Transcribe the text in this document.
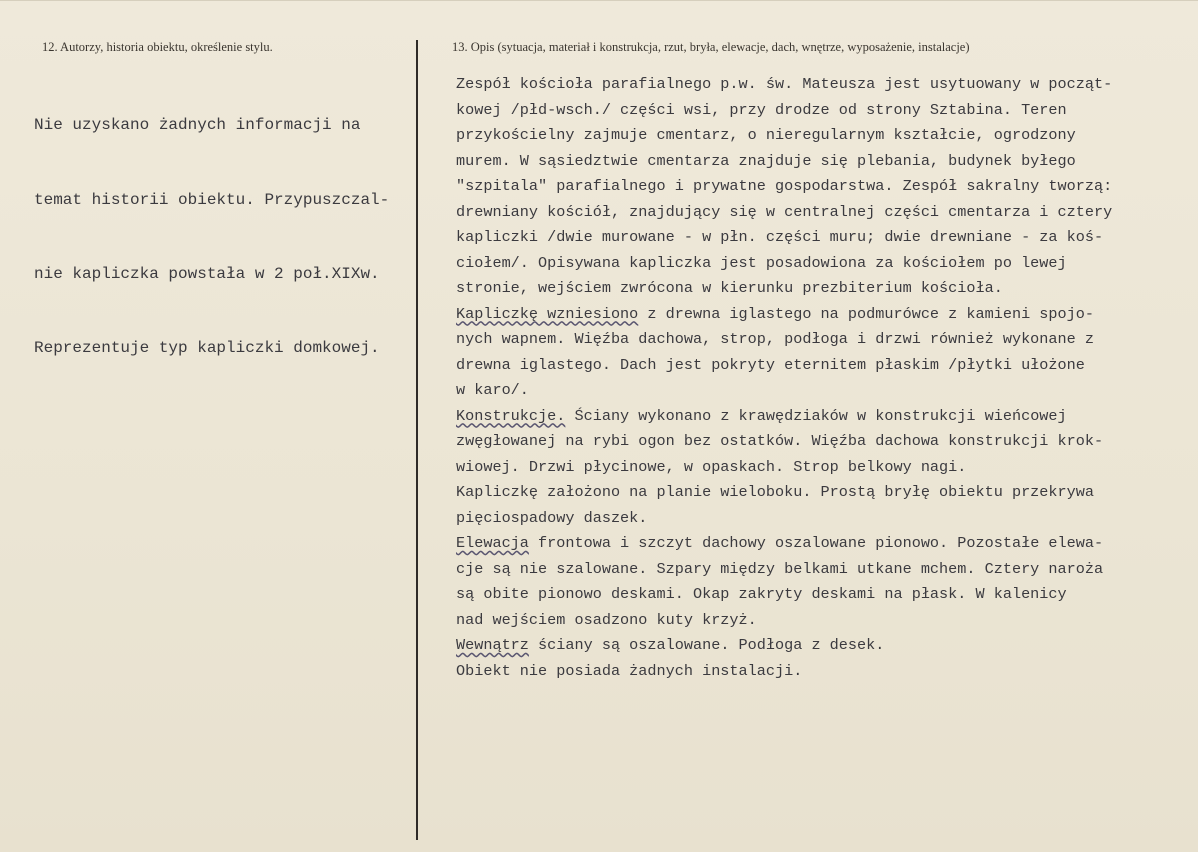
12. Autorzy, historia obiektu, określenie stylu.	13. Opis (sytuacja, materiał i konstrukcja, rzut, bryła, elewacje, dach, wnętrze, wyposażenie, instalacje)

Nie uzyskano żadnych informacji na

temat historii obiektu. Przypuszczal-

nie kapliczka powstała w 2 poł.XIXw.

Reprezentuje typ kapliczki domkowej.

Zespół kościoła parafialnego p.w. św. Mateusza jest usytuowany w począt-
kowej /płd-wsch./ części wsi, przy drodze od strony Sztabina. Teren
przykościelny zajmuje cmentarz, o nieregularnym kształcie, ogrodzony
murem. W sąsiedztwie cmentarza znajduje się plebania, budynek byłego
"szpitala" parafialnego i prywatne gospodarstwa. Zespół sakralny tworzą:
drewniany kościół, znajdujący się w centralnej części cmentarza i cztery
kapliczki /dwie murowane - w płn. części muru; dwie drewniane - za koś-
ciołem/. Opisywana kapliczka jest posadowiona za kościołem po lewej
stronie, wejściem zwrócona w kierunku prezbiterium kościoła.
Kapliczkę wzniesiono z drewna iglastego na podmurówce z kamieni spojo-
nych wapnem. Więźba dachowa, strop, podłoga i drzwi również wykonane z
drewna iglastego. Dach jest pokryty eternitem płaskim /płytki ułożone
w karo/.
Konstrukcje. Ściany wykonano z krawędziaków w konstrukcji wieńcowej
zwęgłowanej na rybi ogon bez ostatków. Więźba dachowa konstrukcji krok-
wiowej. Drzwi płycinowe, w opaskach. Strop belkowy nagi.
Kapliczkę założono na planie wieloboku. Prostą bryłę obiektu przekrywa
pięciospadowy daszek.
Elewacja frontowa i szczyt dachowy oszalowane pionowo. Pozostałe elewa-
cje są nie szalowane. Szpary między belkami utkane mchem. Cztery naroża
są obite pionowo deskami. Okap zakryty deskami na płask. W kalenicy
nad wejściem osadzono kuty krzyż.
Wewnątrz ściany są oszalowane. Podłoga z desek.
Obiekt nie posiada żadnych instalacji.
